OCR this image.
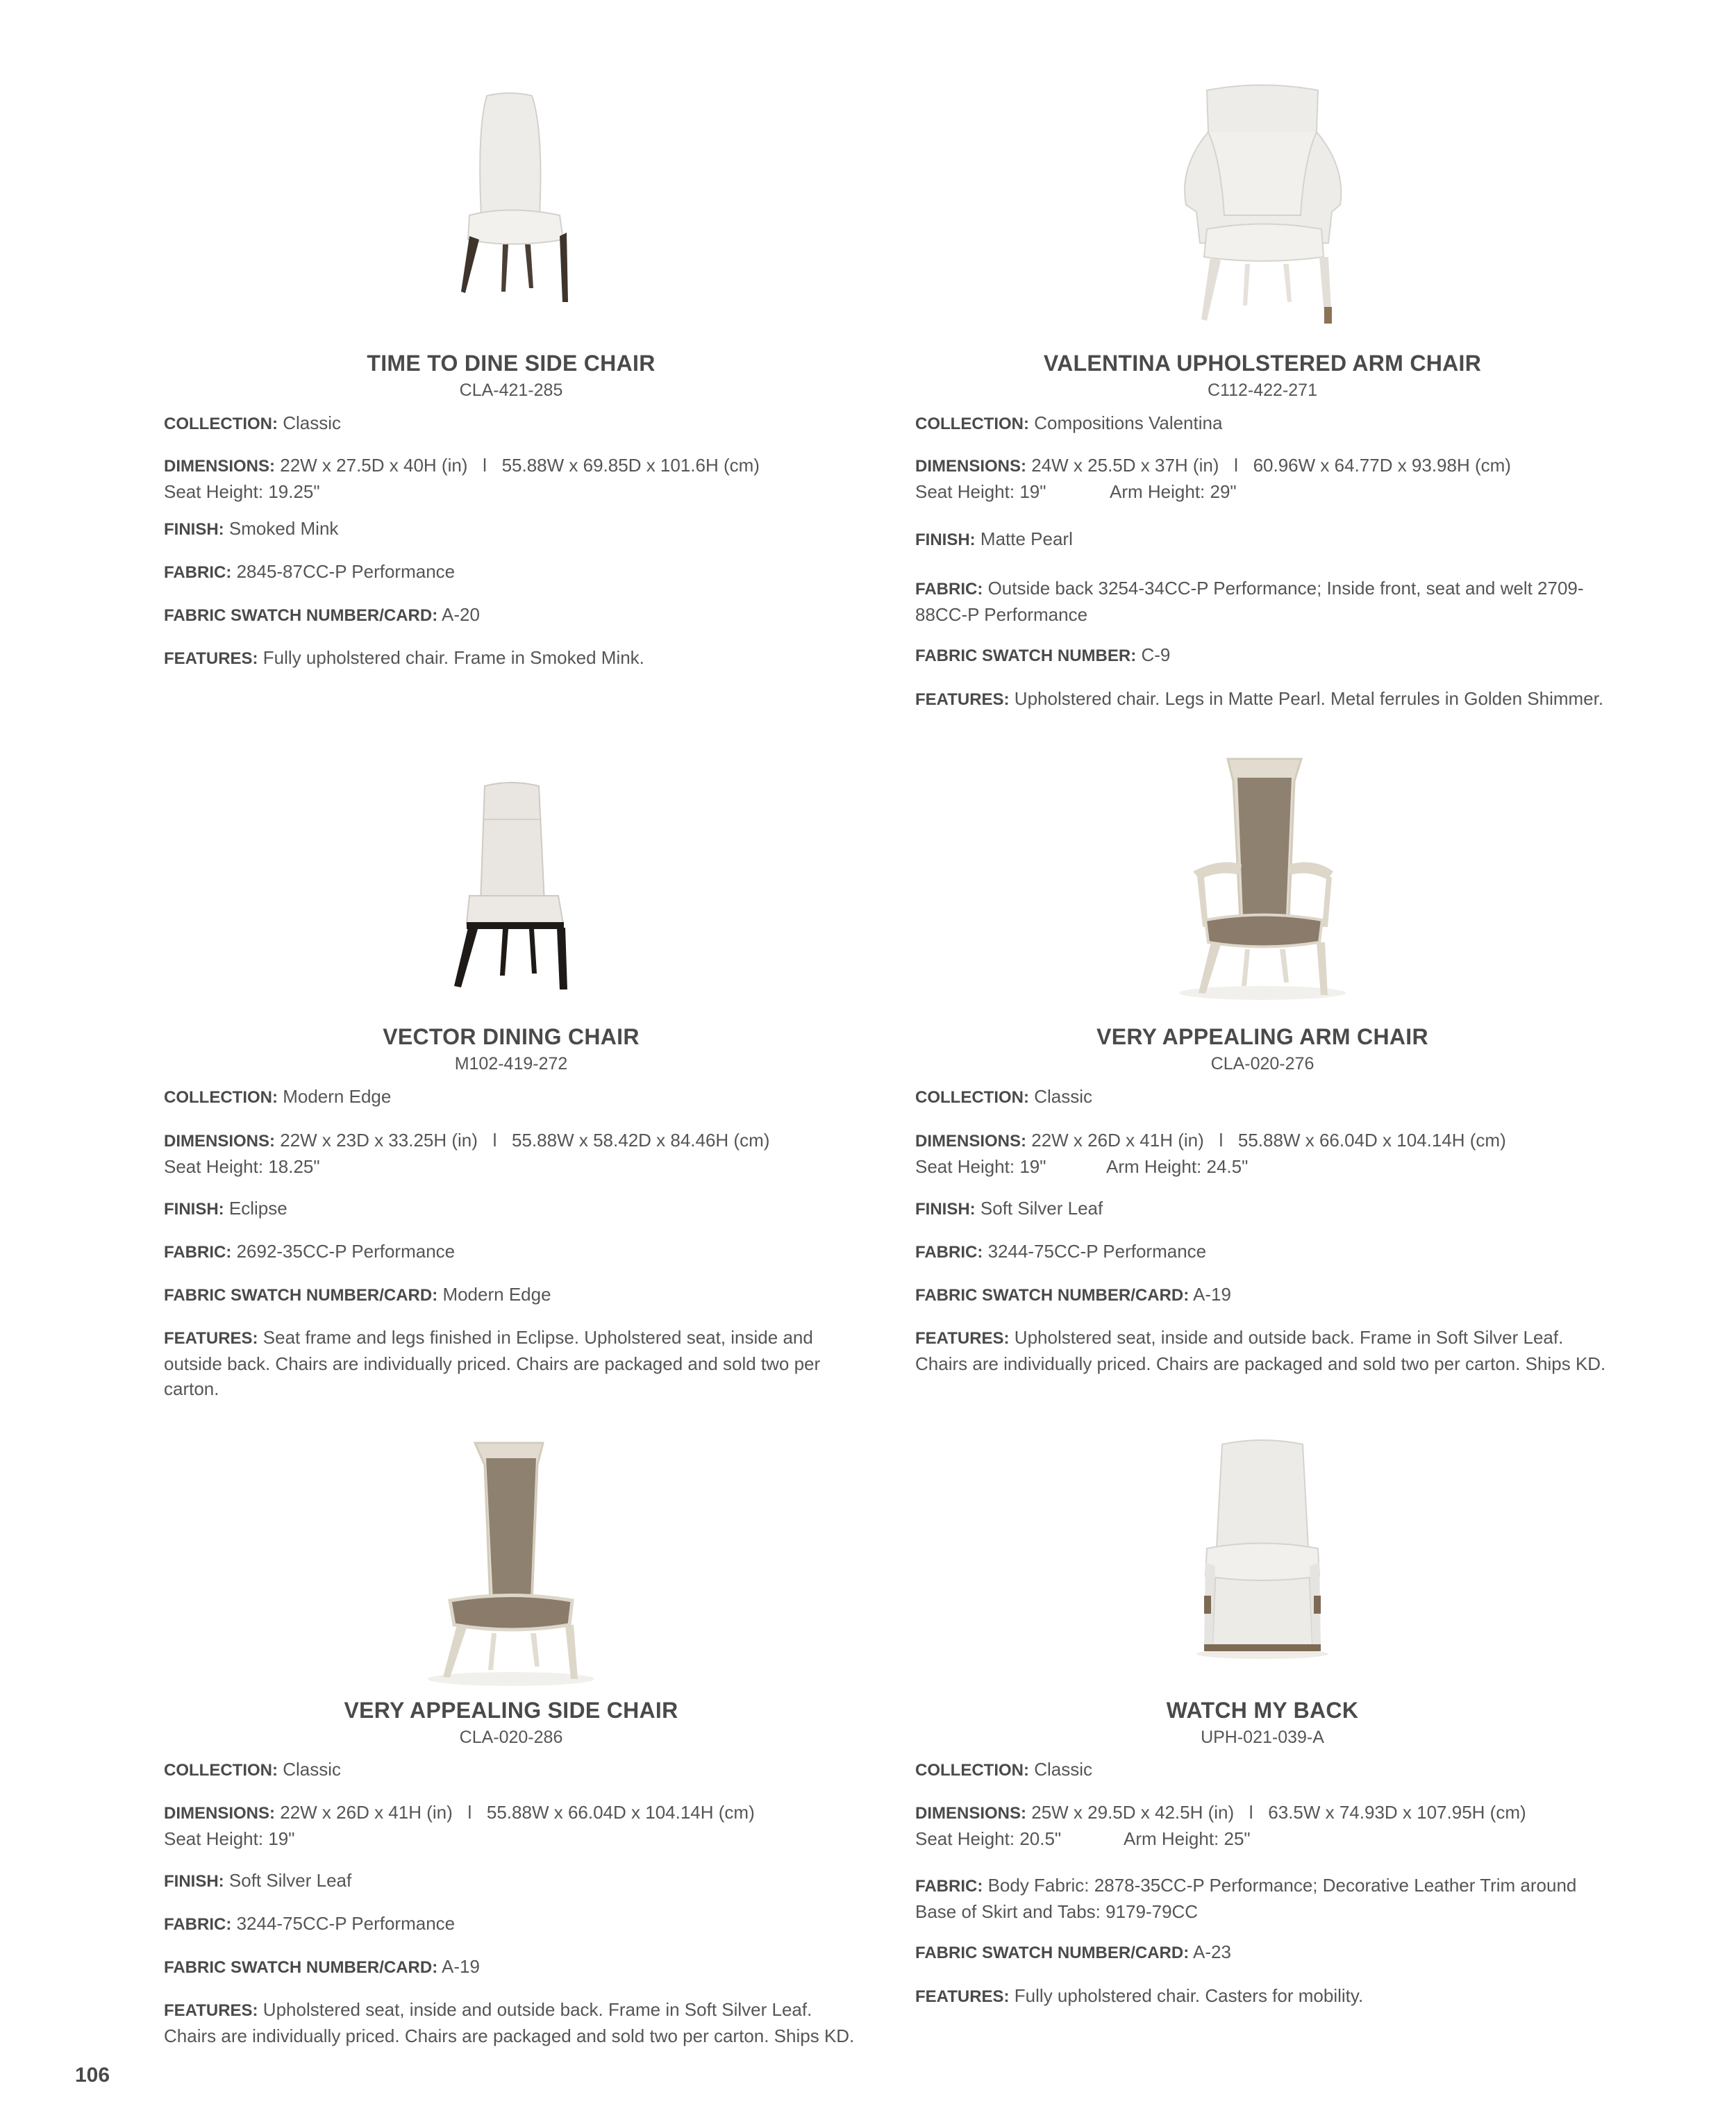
TIME TO DINE SIDE CHAIR
CLA-421-285
COLLECTION: Classic
DIMENSIONS: 22W x 27.5D x 40H (in)   l   55.88W x 69.85D x 101.6H (cm)
Seat Height: 19.25"
FINISH: Smoked Mink
FABRIC: 2845-87CC-P Performance
FABRIC SWATCH NUMBER/CARD: A-20
FEATURES: Fully upholstered chair. Frame in Smoked Mink.
VALENTINA UPHOLSTERED ARM CHAIR
C112-422-271
COLLECTION: Compositions Valentina
DIMENSIONS: 24W x 25.5D x 37H (in)   l   60.96W x 64.77D x 93.98H (cm)
Seat Height: 19"	Arm Height: 29"
FINISH: Matte Pearl
FABRIC: Outside back 3254-34CC-P Performance; Inside front, seat and welt 2709-88CC-P Performance
FABRIC SWATCH NUMBER: C-9
FEATURES: Upholstered chair. Legs in Matte Pearl. Metal ferrules in Golden Shimmer.
VECTOR DINING CHAIR
M102-419-272
COLLECTION: Modern Edge
DIMENSIONS: 22W x 23D x 33.25H (in)   l   55.88W x 58.42D x 84.46H (cm)
Seat Height: 18.25"
FINISH: Eclipse
FABRIC: 2692-35CC-P Performance
FABRIC SWATCH NUMBER/CARD: Modern Edge
FEATURES: Seat frame and legs finished in Eclipse. Upholstered seat, inside and outside back. Chairs are individually priced. Chairs are packaged and sold two per carton.
VERY APPEALING ARM CHAIR
CLA-020-276
COLLECTION: Classic
DIMENSIONS: 22W x 26D x 41H (in)   l   55.88W x 66.04D x 104.14H (cm)
Seat Height: 19"	Arm Height: 24.5"
FINISH: Soft Silver Leaf
FABRIC: 3244-75CC-P Performance
FABRIC SWATCH NUMBER/CARD: A-19
FEATURES: Upholstered seat, inside and outside back. Frame in Soft Silver Leaf. Chairs are individually priced. Chairs are packaged and sold two per carton. Ships KD.
VERY APPEALING SIDE CHAIR
CLA-020-286
COLLECTION: Classic
DIMENSIONS: 22W x 26D x 41H (in)   l   55.88W x 66.04D x 104.14H (cm)
Seat Height: 19"
FINISH: Soft Silver Leaf
FABRIC: 3244-75CC-P Performance
FABRIC SWATCH NUMBER/CARD: A-19
FEATURES: Upholstered seat, inside and outside back. Frame in Soft Silver Leaf. Chairs are individually priced. Chairs are packaged and sold two per carton. Ships KD.
WATCH MY BACK
UPH-021-039-A
COLLECTION: Classic
DIMENSIONS: 25W x 29.5D x 42.5H (in)   l   63.5W x 74.93D x 107.95H (cm)
Seat Height: 20.5"	Arm Height: 25"
FABRIC: Body Fabric: 2878-35CC-P Performance; Decorative Leather Trim around Base of Skirt and Tabs: 9179-79CC
FABRIC SWATCH NUMBER/CARD: A-23
FEATURES: Fully upholstered chair. Casters for mobility.
106
